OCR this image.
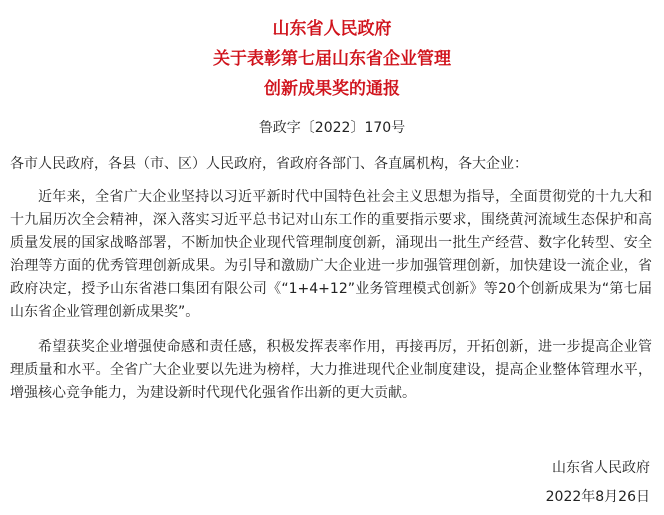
山东省人民政府
关于表彰第七届山东省企业管理
创新成果奖的通报
鲁政字〔2022〕170号
各市人民政府，各县（市、区）人民政府，省政府各部门、各直属机构，各大企业：

近年来，全省广大企业坚持以习近平新时代中国特色社会主义思想为指导，全面贯彻党的十九大和十九届历次全会精神，深入落实习近平总书记对山东工作的重要指示要求，围绕黄河流域生态保护和高质量发展的国家战略部署，不断加快企业现代管理制度创新，涌现出一批生产经营、数字化转型、安全治理等方面的优秀管理创新成果。为引导和激励广大企业进一步加强管理创新，加快建设一流企业，省政府决定，授予山东省港口集团有限公司《“1+4+12”业务管理模式创新》等20个创新成果为“第七届山东省企业管理创新成果奖”。

希望获奖企业增强使命感和责任感，积极发挥表率作用，再接再厉，开拓创新，进一步提高企业管理质量和水平。全省广大企业要以先进为榜样，大力推进现代企业制度建设，提高企业整体管理水平，增强核心竞争能力，为建设新时代现代化强省作出新的更大贡献。

山东省人民政府
2022年8月26日
